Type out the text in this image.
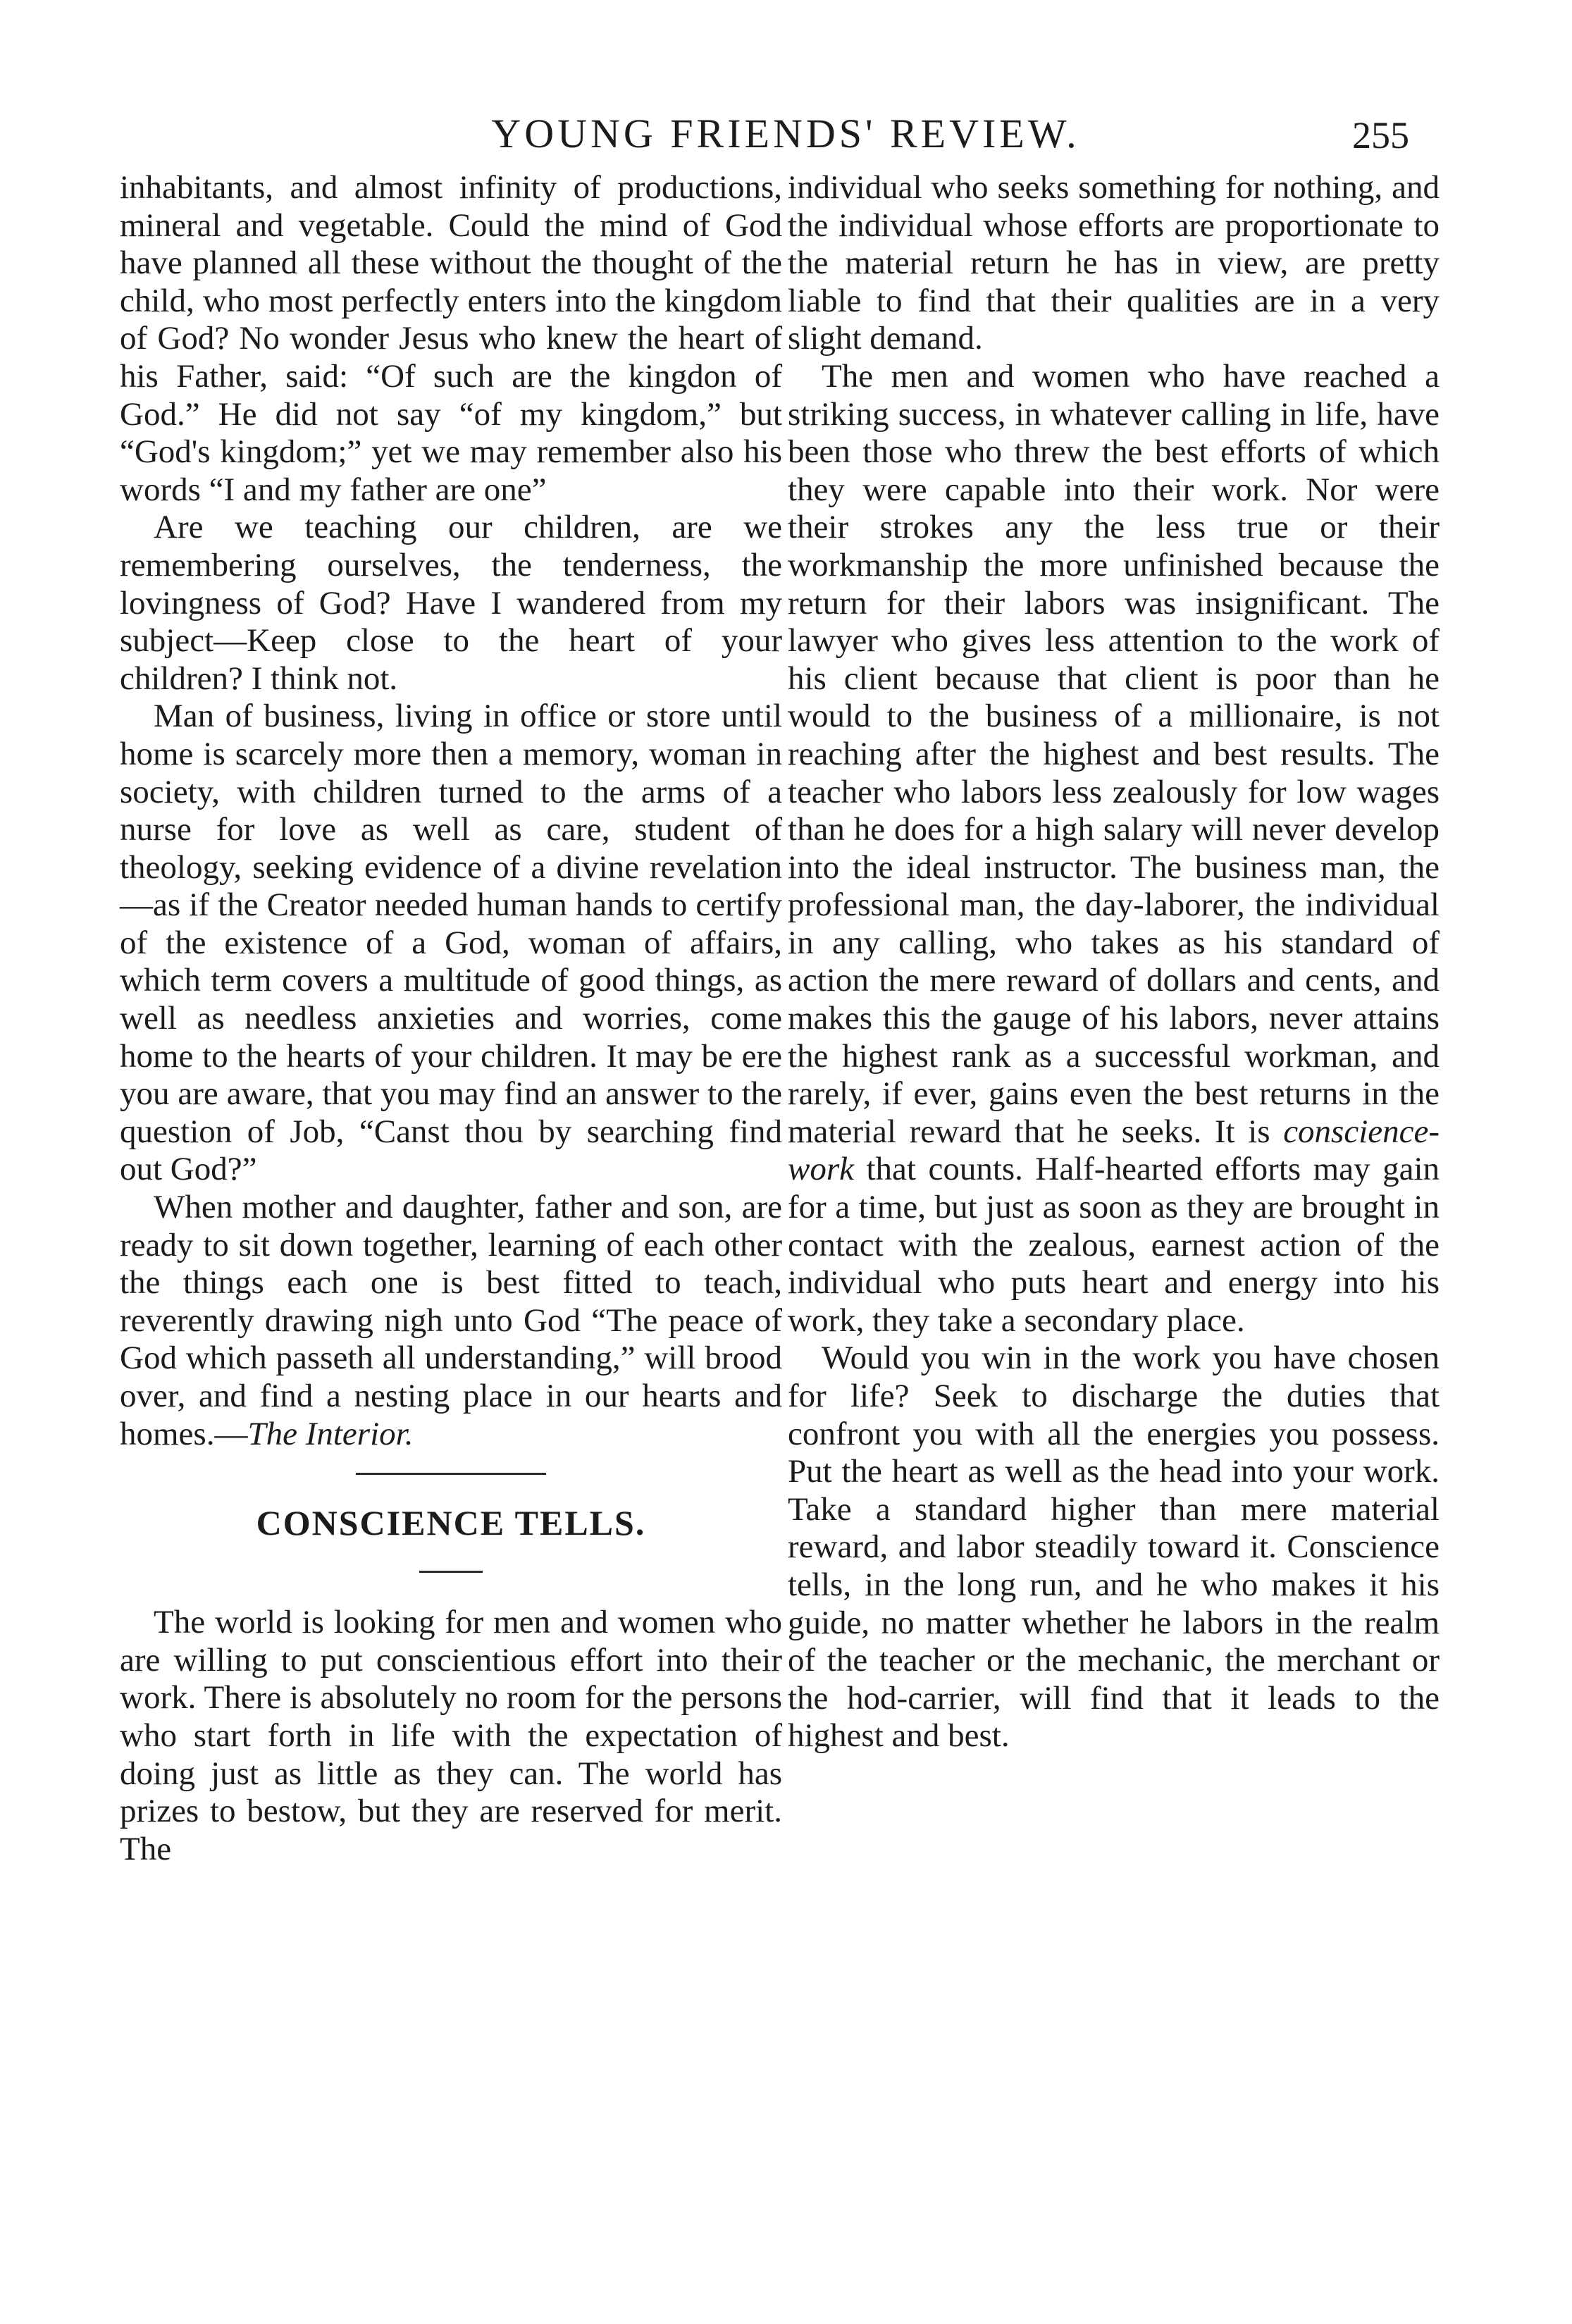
YOUNG FRIENDS' REVIEW.	255

inhabitants, and almost infinity of productions, mineral and vegetable. Could the mind of God have planned all these without the thought of the child, who most perfectly enters into the kingdom of God? No wonder Jesus who knew the heart of his Father, said: “Of such are the kingdon of God.” He did not say “of my kingdom,” but “God's kingdom;” yet we may remember also his words “I and my father are one”

Are we teaching our children, are we remembering ourselves, the tenderness, the lovingness of God? Have I wandered from my subject—Keep close to the heart of your children? I think not.

Man of business, living in office or store until home is scarcely more then a memory, woman in society, with children turned to the arms of a nurse for love as well as care, student of theology, seeking evidence of a divine revelation—as if the Creator needed human hands to certify of the existence of a God, woman of affairs, which term covers a multitude of good things, as well as needless anxieties and worries, come home to the hearts of your children. It may be ere you are aware, that you may find an answer to the question of Job, “Canst thou by searching find out God?”

When mother and daughter, father and son, are ready to sit down together, learning of each other the things each one is best fitted to teach, reverently drawing nigh unto God “The peace of God which passeth all understanding,” will brood over, and find a nesting place in our hearts and homes.—The Interior.

CONSCIENCE TELLS.

The world is looking for men and women who are willing to put conscientious effort into their work. There is absolutely no room for the persons who start forth in life with the expectation of doing just as little as they can. The world has prizes to bestow, but they are reserved for merit. The

individual who seeks something for nothing, and the individual whose efforts are proportionate to the material return he has in view, are pretty liable to find that their qualities are in a very slight demand.

The men and women who have reached a striking success, in whatever calling in life, have been those who threw the best efforts of which they were capable into their work. Nor were their strokes any the less true or their workmanship the more unfinished because the return for their labors was insignificant. The lawyer who gives less attention to the work of his client because that client is poor than he would to the business of a millionaire, is not reaching after the highest and best results. The teacher who labors less zealously for low wages than he does for a high salary will never develop into the ideal instructor. The business man, the professional man, the day-laborer, the individual in any calling, who takes as his standard of action the mere reward of dollars and cents, and makes this the gauge of his labors, never attains the highest rank as a successful workman, and rarely, if ever, gains even the best returns in the material reward that he seeks. It is conscience-work that counts. Half-hearted efforts may gain for a time, but just as soon as they are brought in contact with the zealous, earnest action of the individual who puts heart and energy into his work, they take a secondary place.

Would you win in the work you have chosen for life? Seek to discharge the duties that confront you with all the energies you possess. Put the heart as well as the head into your work. Take a standard higher than mere material reward, and labor steadily toward it. Conscience tells, in the long run, and he who makes it his guide, no matter whether he labors in the realm of the teacher or the mechanic, the merchant or the hod-carrier, will find that it leads to the highest and best.
